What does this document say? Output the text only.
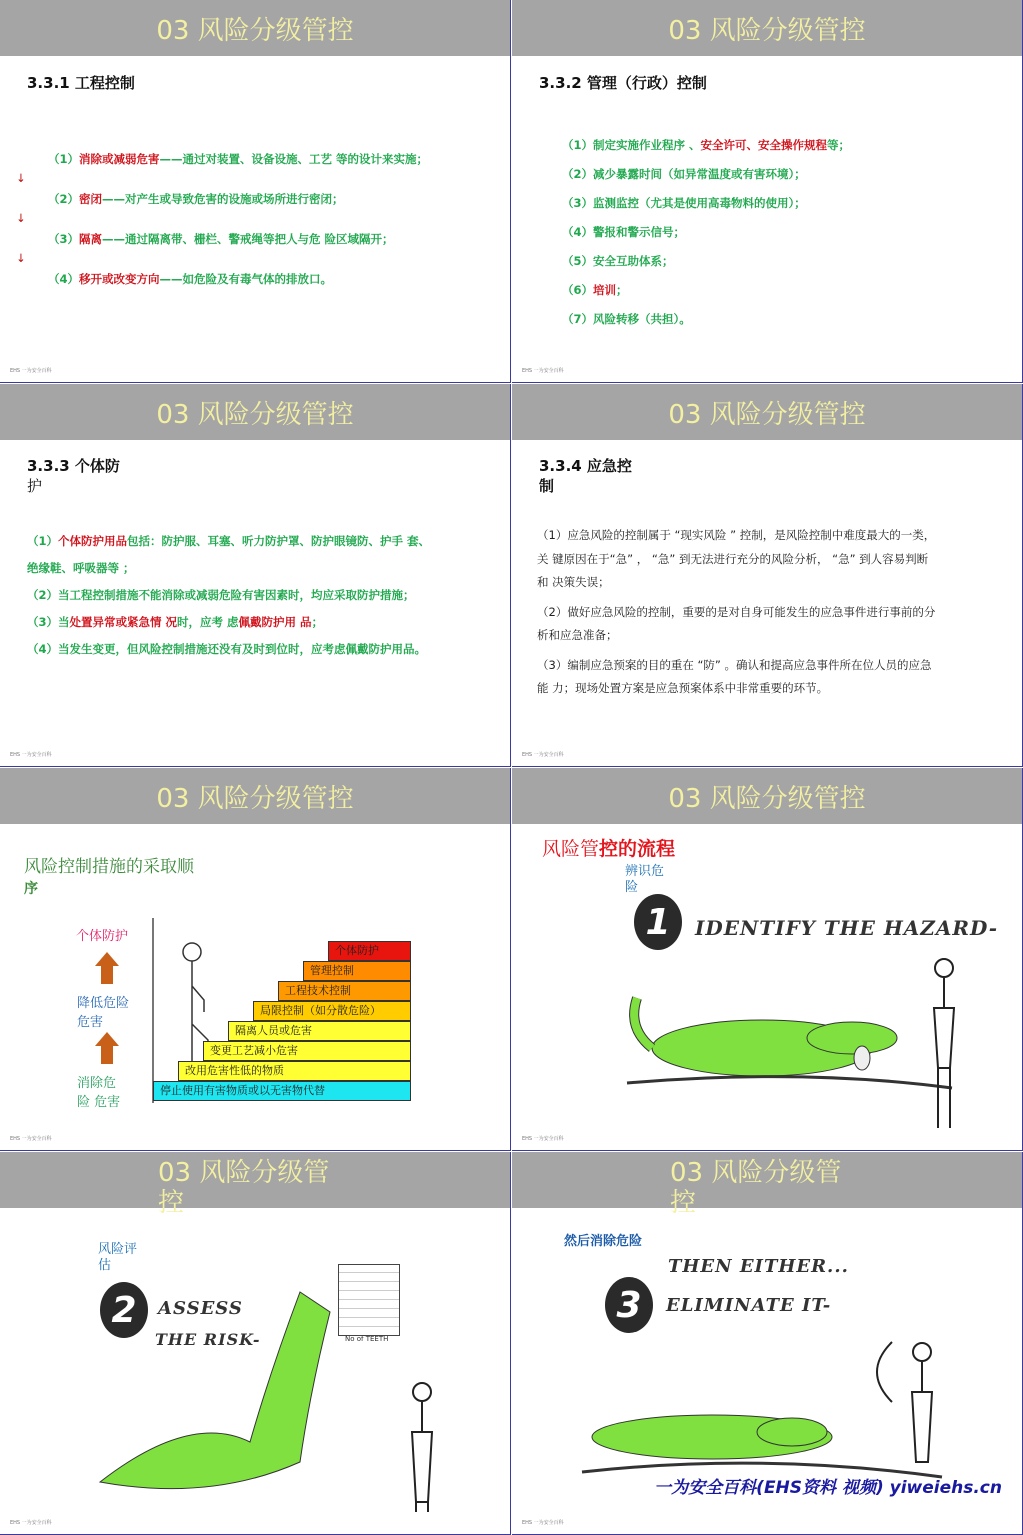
03 风险分级管控
3.3.1 工程控制
（1）消除或减弱危害——通过对装置、设备设施、工艺 等的设计来实施；
↓
（2）密闭——对产生或导致危害的设施或场所进行密闭；
↓
（3）隔离——通过隔离带、栅栏、警戒绳等把人与危 险区域隔开；
↓
（4）移开或改变方向——如危险及有毒气体的排放口。
EHS 一为安全百科
03 风险分级管控
3.3.2 管理（行政）控制
（1）制定实施作业程序 、安全许可、安全操作规程等；
（2）减少暴露时间（如异常温度或有害环境）；
（3）监测监控（尤其是使用高毒物料的使用）；
（4）警报和警示信号；
（5）安全互助体系；
（6）培训；
（7）风险转移（共担）。
EHS 一为安全百科
03 风险分级管控
3.3.3 个体防
护
（1）个体防护用品包括：防护服、耳塞、听力防护罩、防护眼镜防、护手 套、
绝缘鞋、呼吸器等 ；
（2）当工程控制措施不能消除或减弱危险有害因素时，均应采取防护措施；
（3）当处置异常或紧急情 况时，应考 虑佩戴防护用 品；
（4）当发生变更，但风险控制措施还没有及时到位时，应考虑佩戴防护用品。
EHS 一为安全百科
03 风险分级管控
3.3.4 应急控
制
（1）应急风险的控制属于 “现实风险 ” 控制，是风险控制中难度最大的一类，
关 键原因在于“急” ， “急” 到无法进行充分的风险分析， “急” 到人容易判断
和 决策失误；
（2）做好应急风险的控制，重要的是对自身可能发生的应急事件进行事前的分
析和应急准备；
（3）编制应急预案的目的重在 “防” 。确认和提高应急事件所在位人员的应急
能 力；现场处置方案是应急预案体系中非常重要的环节。
EHS 一为安全百科
03 风险分级管控
风险控制措施的采取顺
序
个体防护
降低危险 危害
消除危险 危害
停止使用有害物质或以无害物代替
改用危害性低的物质
变更工艺减小危害
隔离人员或危害
局限控制（如分散危险）
工程技术控制
管理控制
个体防护
EHS 一为安全百科
03 风险分级管控
风险管控的流程
辨识危险
1	IDENTIFY THE HAZARD-
EHS 一为安全百科
03 风险分级管
控
风险评估
2	ASSESS
THE RISK-	No of TEETH
EHS 一为安全百科
03 风险分级管
控
然后消除危险
3
THEN EITHER...
ELIMINATE IT-
一为安全百科(EHS资料 视频) yiweiehs.cn
EHS 一为安全百科
